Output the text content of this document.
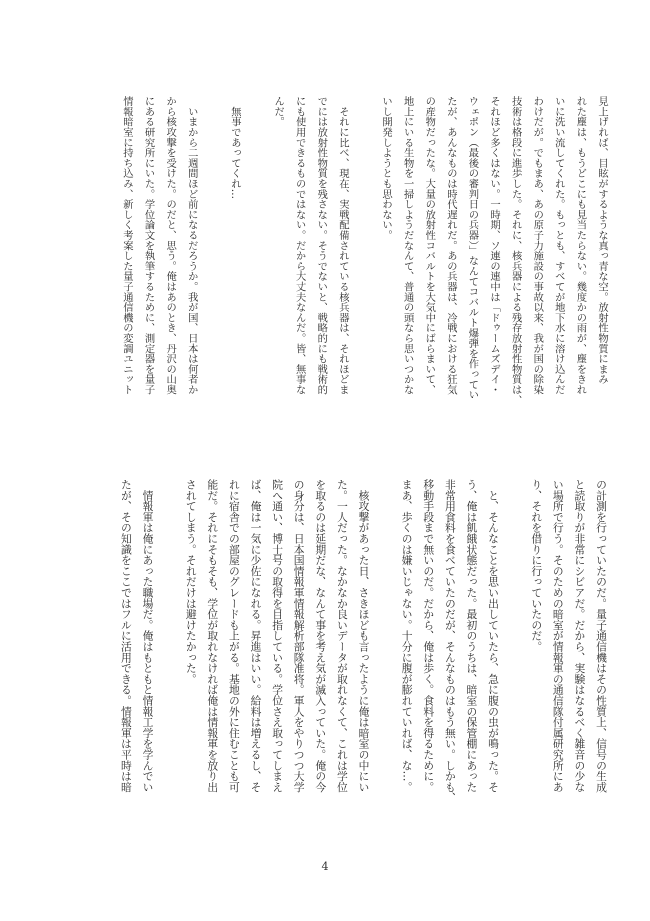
見上げれば、目眩がするような真っ青な空。放射性物質にまみ
れた塵は、もうどこにも見当たらない。幾度かの雨が、塵をきれ
いに洗い流してくれた。もっとも、すべてが地下水に溶け込んだ
わけだが。でもまあ、あの原子力施設の事故以来、我が国の除染
技術は格段に進歩した。それに、核兵器による残存放射性物質は、
それほど多くはない。一時期、ソ連の連中は「ドゥームズデイ・
ウェポン（最後の審判日の兵器）」なんてコバルト爆弾を作ってい
たが、あんなものは時代遅れだ。あの兵器は、冷戦における狂気
の産物だったな。大量の放射性コバルトを大気中にばらまいて、
地上にいる生物を一掃しようだなんて、普通の頭なら思いつかな
いし開発しようとも思わない。
　それに比べ、現在、実戦配備されている核兵器は、それほどま
でには放射性物質を残さない。そうでないと、戦略的にも戦術的
にも使用できるものではない。だから大丈夫なんだ。皆、無事な
んだ。
　無事であってくれ…
　いまから二週間ほど前になるだろうか。我が国、日本は何者か
から核攻撃を受けた。のだと、思う。俺はあのとき、丹沢の山奥
にある研究所にいた。学位論文を執筆するために、測定器を量子
情報暗室に持ち込み、新しく考案した量子通信機の変調ユニット
の計測を行っていたのだ。量子通信機はその性質上、信号の生成
と読取りが非常にシビアだ。だから、実験はなるべく雑音の少な
い場所で行う。そのための暗室が情報軍の通信隊付属研究所にあ
り、それを借りに行っていたのだ。
　と、そんなことを思い出していたら、急に腹の虫が鳴った。そ
う、俺は飢餓状態だった。最初のうちは、暗室の保管棚にあった
非常用食料を食べていたのだが、そんなものはもう無い。しかも、
移動手段まで無いのだ。だから、俺は歩く。食料を得るために。
まあ、歩くのは嫌いじゃない。十分に腹が膨れていれば、な…。
　核攻撃があった日、さきほども言ったように俺は暗室の中にい
た。一人だった。なかなか良いデータが取れなくて、これは学位
を取るのは延期だな、なんて事を考え気が滅入っていた。俺の今
の身分は、日本国情報軍情報解析部隊准将。軍人をやりつつ大学
院へ通い、博士号の取得を目指している。学位さえ取ってしまえ
ば、俺は一気に少佐になれる。昇進はいい。給料は増えるし、そ
れに宿舎での部屋のグレードも上がる。基地の外に住むことも可
能だ。それにそもそも、学位が取れなければ俺は情報軍を放り出
されてしまう。それだけは避けたかった。
　情報軍は俺にあった職場だ。俺はもともと情報工学を学んでい
たが、その知識をここではフルに活用できる。情報軍は平時は暗
4
